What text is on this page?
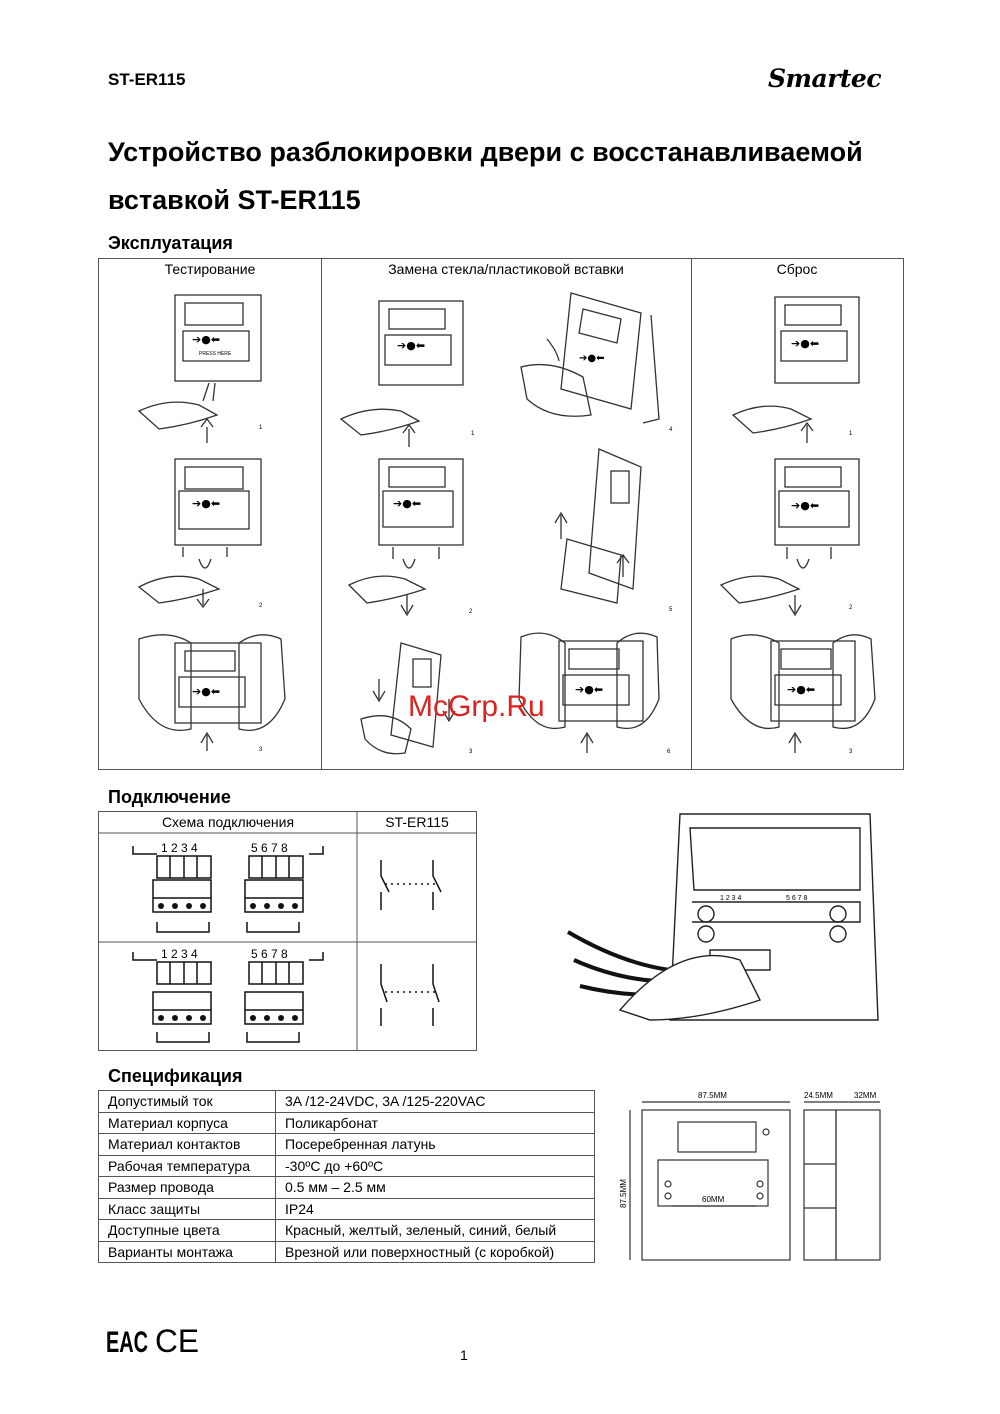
ST-ER115	Smartec
Устройство разблокировки двери с восстанавливаемой вставкой ST-ER115
Эксплуатация
Тестирование
➔●⬅
PRESS HERE
1
➔●⬅
2
➔●⬅
3
Замена стекла/пластиковой вставки
➔●⬅
➔●⬅
1
4
➔●⬅
2	5
➔●⬅
3	6
Сброс
➔●⬅
➔●⬅
➔●⬅
1
2
3
McGrp.Ru
Подключение
Схема подключения	ST-ER115
1 2 3 4	5 6 7 8
1 2 3 4	5 6 7 8
1 2 3 4	5 6 7 8
Спецификация
Допустимый ток	3A /12-24VDC, 3A /125-220VAC
Материал корпуса	Поликарбонат
Материал контактов	Посеребренная латунь
Рабочая температура	-30ºC до +60ºC
Размер провода	0.5 мм – 2.5 мм
Класс защиты	IP24
Доступные цвета	Красный, желтый, зеленый, синий, белый
Варианты монтажа	Врезной или поверхностный (с коробкой)
87.5MM
87.5MM	60MM
24.5MM	32MM
EAC CE	1
